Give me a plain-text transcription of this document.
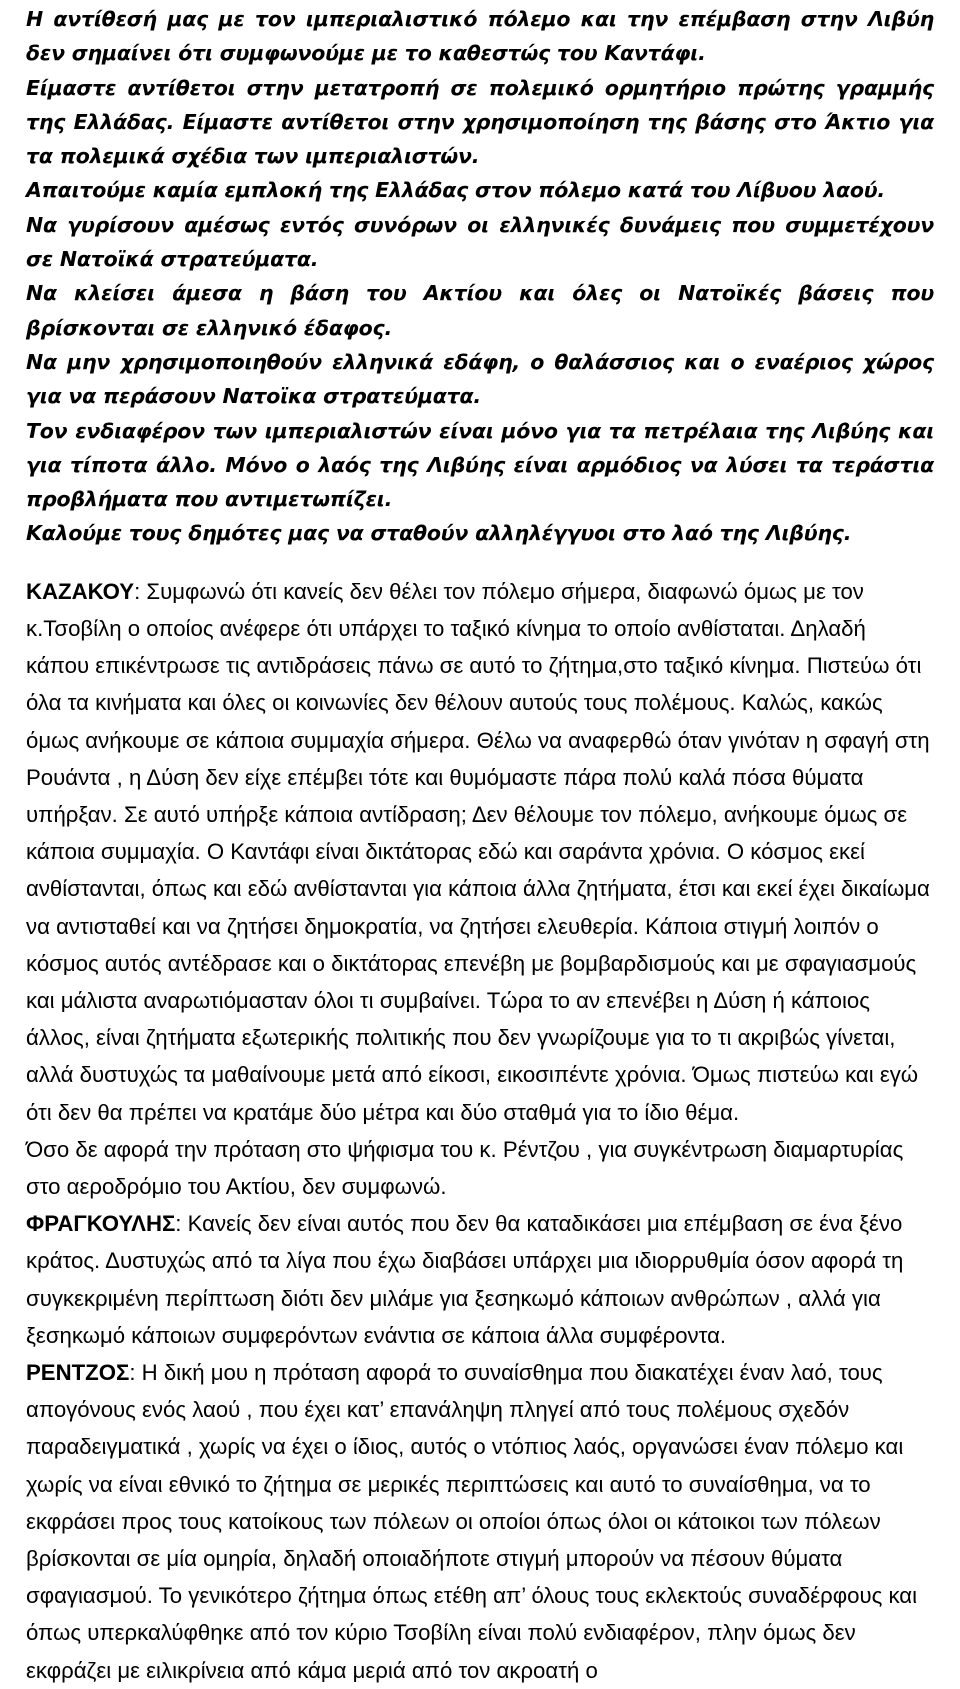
Η αντίθεσή μας με τον ιμπεριαλιστικό πόλεμο και την επέμβαση στην Λιβύη δεν σημαίνει ότι συμφωνούμε με το καθεστώς του Καντάφι.

Είμαστε αντίθετοι στην μετατροπή σε πολεμικό ορμητήριο πρώτης γραμμής της Ελλάδας. Είμαστε αντίθετοι στην χρησιμοποίηση της βάσης στο Άκτιο για τα πολεμικά σχέδια των ιμπεριαλιστών.

Απαιτούμε καμία εμπλοκή της Ελλάδας στον πόλεμο κατά του Λίβυου λαού.

Να γυρίσουν αμέσως εντός συνόρων οι ελληνικές δυνάμεις που συμμετέχουν σε Νατοϊκά στρατεύματα.

Να κλείσει άμεσα η βάση του Ακτίου και όλες οι Νατοϊκές βάσεις που βρίσκονται σε ελληνικό έδαφος.

Να μην χρησιμοποιηθούν ελληνικά εδάφη, ο θαλάσσιος και ο εναέριος χώρος για να περάσουν Νατοϊκα στρατεύματα.

Τον ενδιαφέρον των ιμπεριαλιστών είναι μόνο για τα πετρέλαια της Λιβύης και για τίποτα άλλο. Μόνο ο λαός της Λιβύης είναι αρμόδιος να λύσει τα τεράστια προβλήματα που αντιμετωπίζει.

Καλούμε τους δημότες μας να σταθούν αλληλέγγυοι στο λαό της Λιβύης.

ΚΑΖΑΚΟΥ: Συμφωνώ ότι κανείς δεν θέλει τον πόλεμο σήμερα, διαφωνώ όμως με τον κ.Τσοβίλη ο οποίος ανέφερε ότι υπάρχει το ταξικό κίνημα το οποίο ανθίσταται. Δηλαδή κάπου επικέντρωσε τις αντιδράσεις πάνω σε αυτό το ζήτημα,στο ταξικό κίνημα. Πιστεύω ότι όλα τα κινήματα και όλες οι κοινωνίες δεν θέλουν αυτούς τους πολέμους. Καλώς, κακώς όμως ανήκουμε σε κάποια συμμαχία σήμερα. Θέλω να αναφερθώ όταν γινόταν η σφαγή στη Ρουάντα , η Δύση δεν είχε επέμβει τότε και θυμόμαστε πάρα πολύ καλά πόσα θύματα υπήρξαν. Σε αυτό υπήρξε κάποια αντίδραση; Δεν θέλουμε τον πόλεμο, ανήκουμε όμως σε κάποια συμμαχία. Ο Καντάφι είναι δικτάτορας εδώ και σαράντα χρόνια. Ο κόσμος εκεί ανθίστανται, όπως και εδώ ανθίστανται για κάποια άλλα ζητήματα, έτσι και εκεί έχει δικαίωμα να αντισταθεί και να ζητήσει δημοκρατία, να ζητήσει ελευθερία. Κάποια στιγμή λοιπόν ο κόσμος αυτός αντέδρασε και ο δικτάτορας επενέβη με βομβαρδισμούς και με σφαγιασμούς και μάλιστα αναρωτιόμασταν όλοι τι συμβαίνει. Τώρα το αν επενέβει η Δύση ή κάποιος άλλος, είναι ζητήματα εξωτερικής πολιτικής που δεν γνωρίζουμε για το τι ακριβώς γίνεται, αλλά δυστυχώς τα μαθαίνουμε μετά από είκοσι, εικοσιπέντε χρόνια. Όμως πιστεύω και εγώ ότι δεν θα πρέπει να κρατάμε δύο μέτρα και δύο σταθμά για το ίδιο θέμα.

Όσο δε αφορά την πρόταση στο ψήφισμα του κ. Ρέντζου , για συγκέντρωση διαμαρτυρίας στο αεροδρόμιο του Ακτίου, δεν συμφωνώ.

ΦΡΑΓΚΟΥΛΗΣ: Κανείς δεν είναι αυτός που δεν θα καταδικάσει μια επέμβαση σε ένα ξένο κράτος. Δυστυχώς από τα λίγα που έχω διαβάσει υπάρχει μια ιδιορρυθμία όσον αφορά τη συγκεκριμένη περίπτωση διότι δεν μιλάμε για ξεσηκωμό κάποιων ανθρώπων , αλλά για ξεσηκωμό κάποιων συμφερόντων ενάντια σε κάποια άλλα συμφέροντα.

ΡΕΝΤΖΟΣ: Η δική μου η πρόταση αφορά το συναίσθημα που διακατέχει έναν λαό, τους απογόνους ενός λαού , που έχει κατ’ επανάληψη πληγεί από τους πολέμους σχεδόν παραδειγματικά , χωρίς να έχει ο ίδιος, αυτός ο ντόπιος λαός, οργανώσει έναν πόλεμο και χωρίς να είναι εθνικό το ζήτημα σε μερικές περιπτώσεις και αυτό το συναίσθημα, να το εκφράσει προς τους κατοίκους των πόλεων οι οποίοι όπως όλοι οι κάτοικοι των πόλεων βρίσκονται σε μία ομηρία, δηλαδή οποιαδήποτε στιγμή μπορούν να πέσουν θύματα σφαγιασμού. Το γενικότερο ζήτημα όπως ετέθη απ’ όλους τους εκλεκτούς συναδέρφους και όπως υπερκαλύφθηκε από τον κύριο Τσοβίλη είναι πολύ ενδιαφέρον, πλην όμως δεν εκφράζει με ειλικρίνεια από κάμα μεριά από τον ακροατή ο
